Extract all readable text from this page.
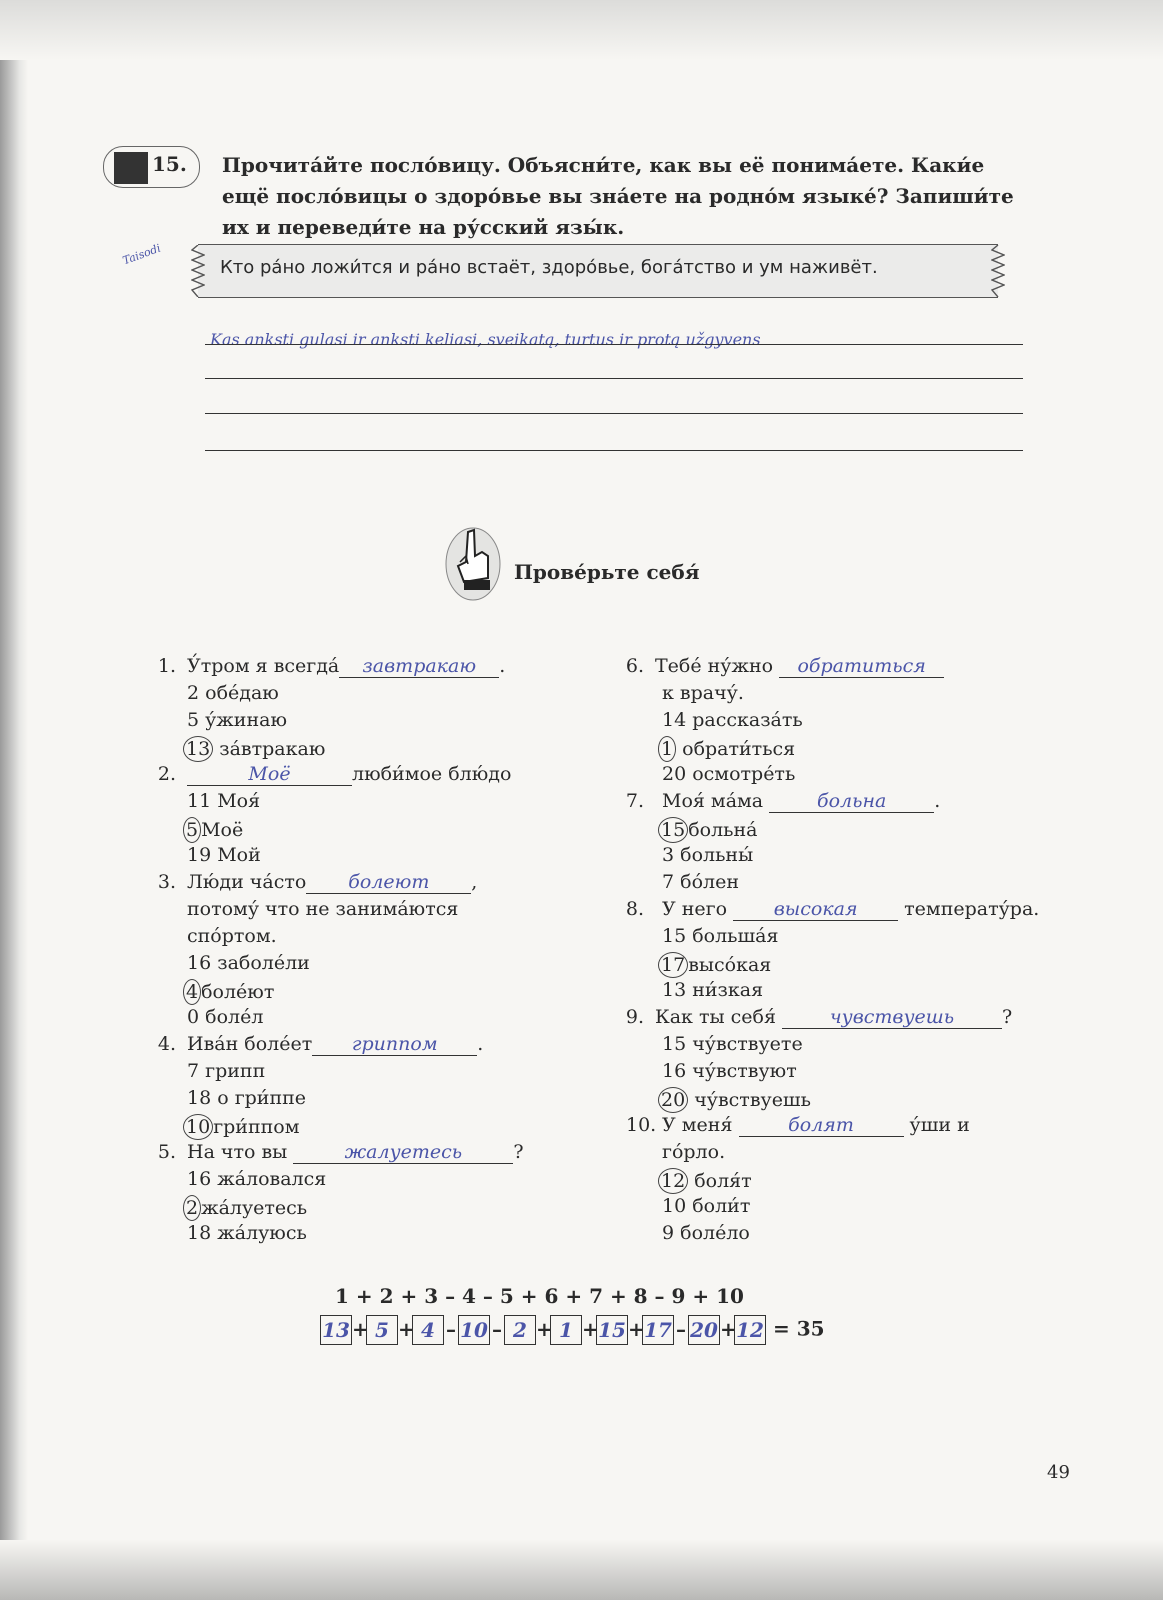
15. Прочита́йте посло́вицу. Объясни́те, как вы её понима́ете. Каки́е ещё посло́вицы о здоро́вье вы зна́ете на родно́м языке́? Запиши́те их и переведи́те на ру́сский язы́к.
Taisodi
Кто ра́но ложи́тся и ра́но встаёт, здоро́вье, бога́тство и ум наживёт.
Kas anksti gulasi ir anksti keliasi, sveikatą, turtus ir protą užgyvens
Прове́рьте себя́
1. У́тром я всегда́ завтракаю .
2 обе́даю
5 у́жинаю
13 за́втракаю
2.	Моё	люби́мое блю́до
11 Моя́
5 Моё
19 Мой
3. Лю́ди ча́сто болеют ,
потому́ что не занима́ются
спо́ртом.
16 заболе́ли
4 боле́ют
0 боле́л
4. Ива́н боле́ет гриппом .
7 грипп
18 о гри́ппе
10 гри́ппом
5. На что вы	жалуетесь	?
16 жа́ловался
2 жа́луетесь
18 жа́луюсь
6. Тебе́ ну́жно обратиться
к врачу́.
14 рассказа́ть
1 обрати́ться
20 осмотре́ть
7. Моя́ ма́ма	больна	.
15 больна́
3 больны́
7 бо́лен
8. У него высокая температу́ра.
15 больша́я
17 высо́кая
13 ни́зкая
9. Как ты себя́	чувствуешь	?
15 чу́вствуете
16 чу́вствуют
20 чу́вствуешь
10. У меня́	болят	у́ши и
го́рло.
12 боля́т
10 боли́т
9 боле́ло
1 + 2 + 3 – 4 – 5 + 6 + 7 + 8 – 9 + 10
13 + 5 + 4 – 10 – 2 + 1 +15 +17 – 20 +12 = 35
49
